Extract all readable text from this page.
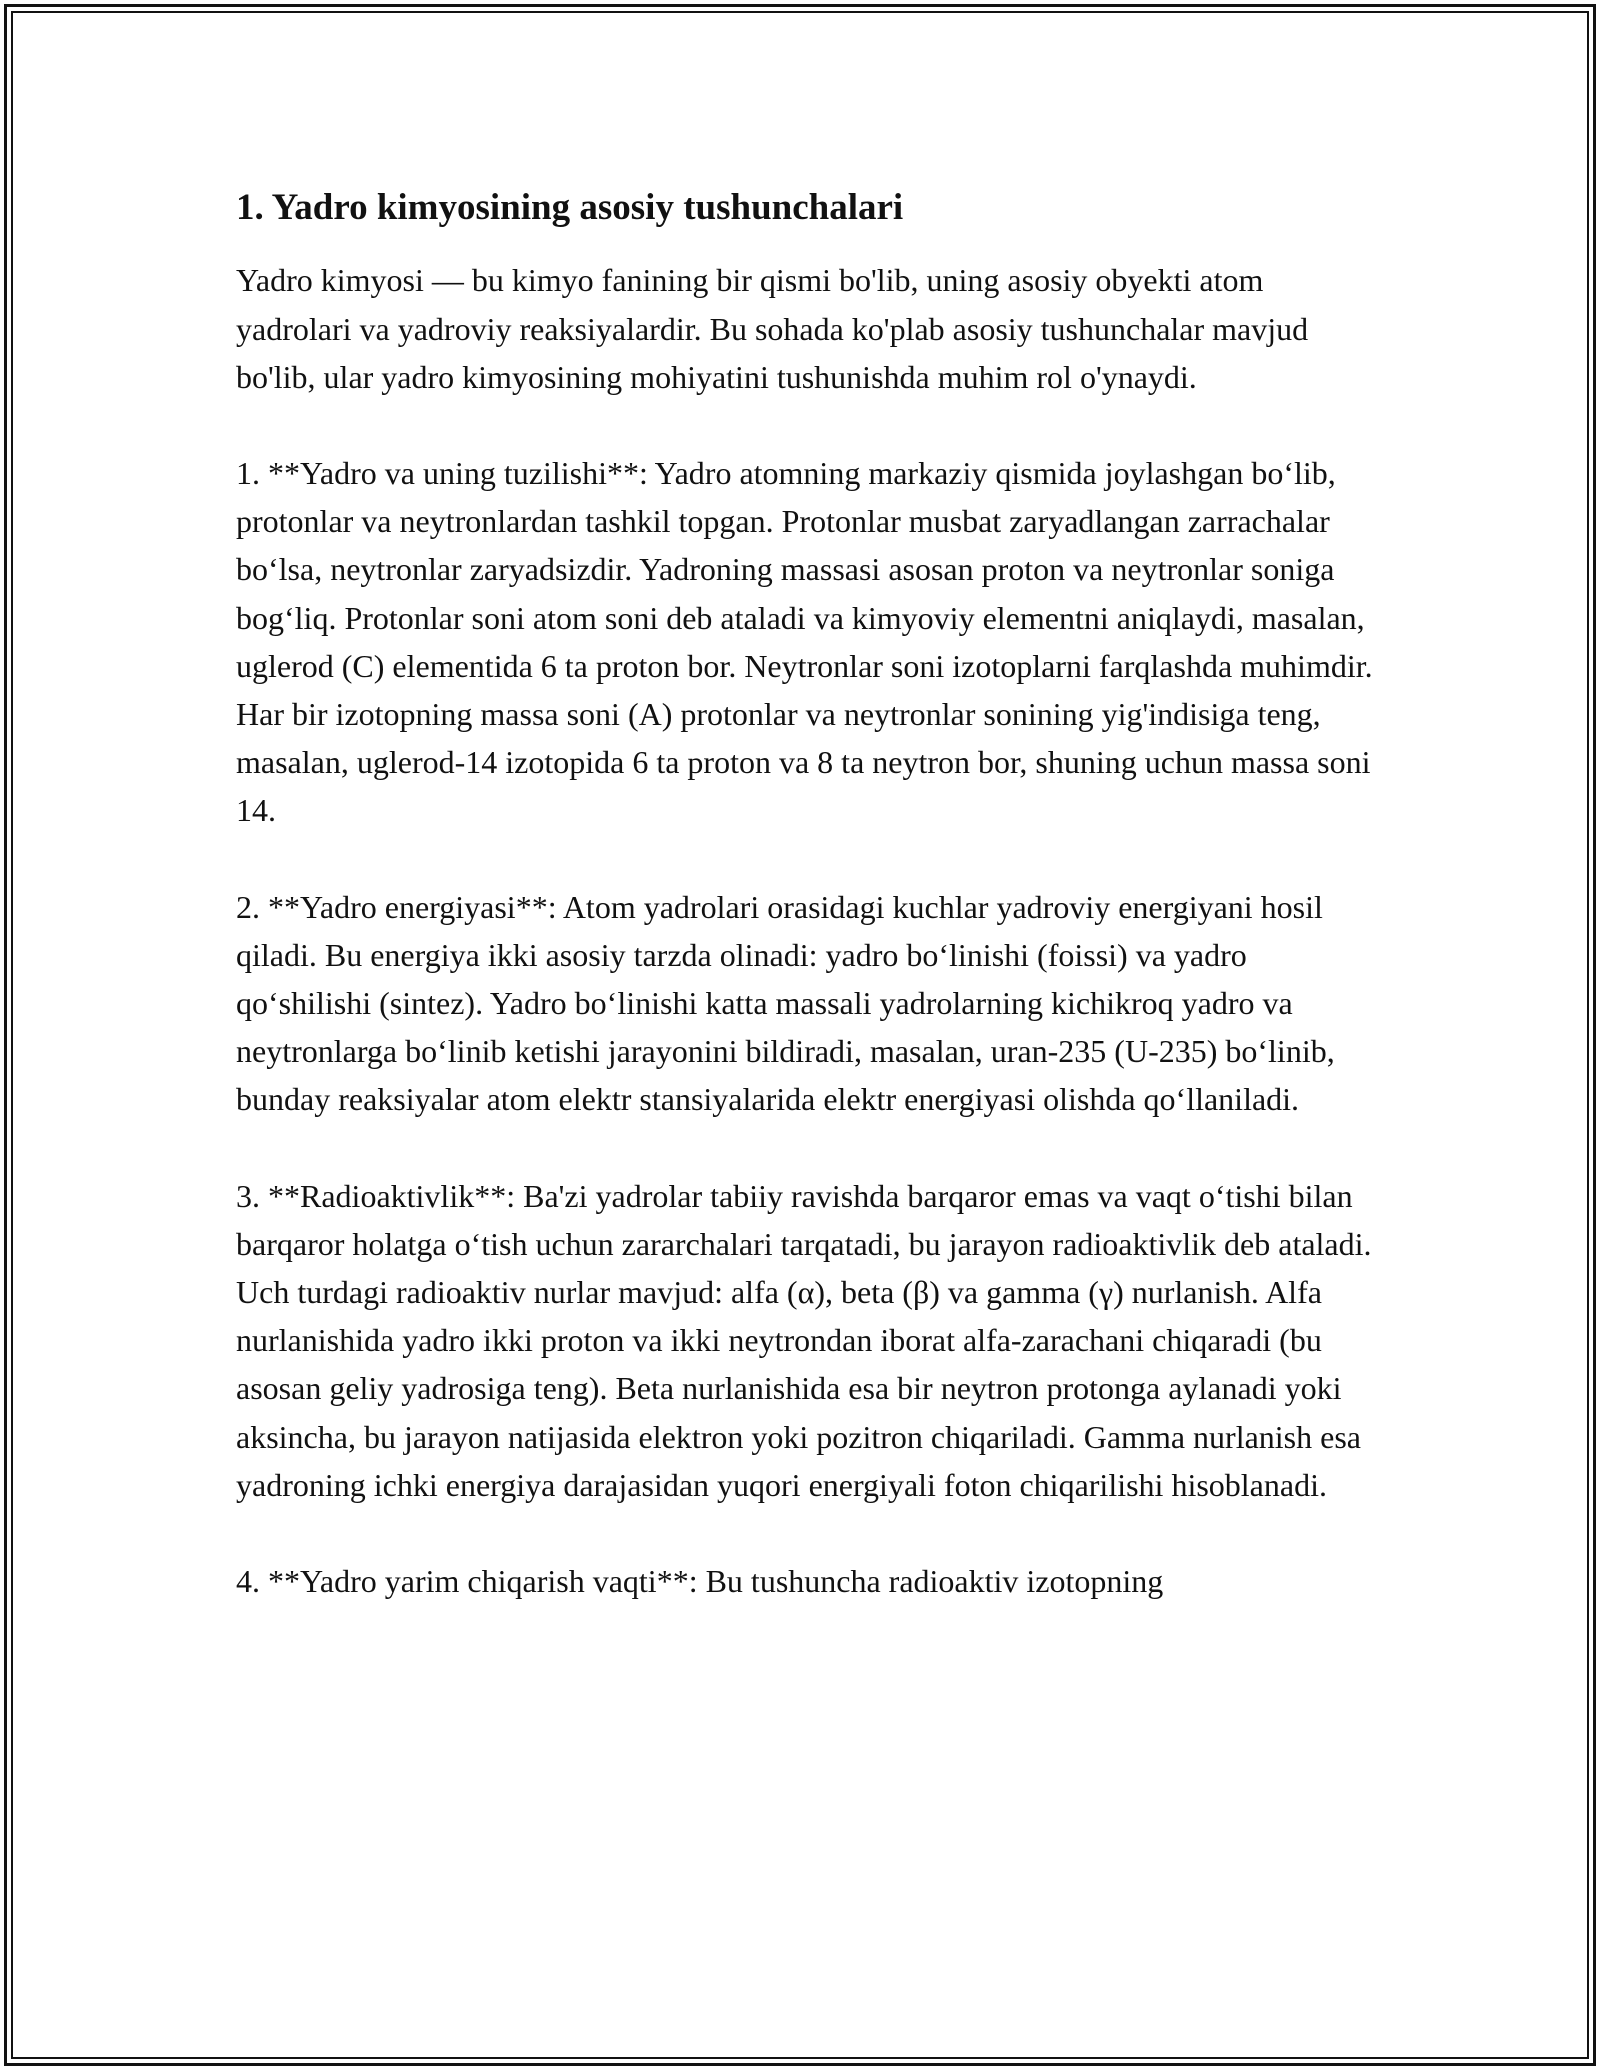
1. Yadro kimyosining asosiy tushunchalari

Yadro kimyosi — bu kimyo fanining bir qismi bo'lib, uning asosiy obyekti atom yadrolari va yadroviy reaksiyalardir. Bu sohada ko'plab asosiy tushunchalar mavjud bo'lib, ular yadro kimyosining mohiyatini tushunishda muhim rol o'ynaydi.

1. **Yadro va uning tuzilishi**: Yadro atomning markaziy qismida joylashgan bo‘lib, protonlar va neytronlardan tashkil topgan. Protonlar musbat zaryadlangan zarrachalar bo‘lsa, neytronlar zaryadsizdir. Yadroning massasi asosan proton va neytronlar soniga bog‘liq. Protonlar soni atom soni deb ataladi va kimyoviy elementni aniqlaydi, masalan, uglerod (C) elementida 6 ta proton bor. Neytronlar soni izotoplarni farqlashda muhimdir. Har bir izotopning massa soni (A) protonlar va neytronlar sonining yig'indisiga teng, masalan, uglerod-14 izotopida 6 ta proton va 8 ta neytron bor, shuning uchun massa soni 14.

2. **Yadro energiyasi**: Atom yadrolari orasidagi kuchlar yadroviy energiyani hosil qiladi. Bu energiya ikki asosiy tarzda olinadi: yadro bo‘linishi (foissi) va yadro qo‘shilishi (sintez). Yadro bo‘linishi katta massali yadrolarning kichikroq yadro va neytronlarga bo‘linib ketishi jarayonini bildiradi, masalan, uran-235 (U-235) bo‘linib, bunday reaksiyalar atom elektr stansiyalarida elektr energiyasi olishda qo‘llaniladi.

3. **Radioaktivlik**: Ba'zi yadrolar tabiiy ravishda barqaror emas va vaqt o‘tishi bilan barqaror holatga o‘tish uchun zararchalari tarqatadi, bu jarayon radioaktivlik deb ataladi. Uch turdagi radioaktiv nurlar mavjud: alfa (α), beta (β) va gamma (γ) nurlanish. Alfa nurlanishida yadro ikki proton va ikki neytrondan iborat alfa-zarachani chiqaradi (bu asosan geliy yadrosiga teng). Beta nurlanishida esa bir neytron protonga aylanadi yoki aksincha, bu jarayon natijasida elektron yoki pozitron chiqariladi. Gamma nurlanish esa yadroning ichki energiya darajasidan yuqori energiyali foton chiqarilishi hisoblanadi.

4. **Yadro yarim chiqarish vaqti**: Bu tushuncha radioaktiv izotopning
